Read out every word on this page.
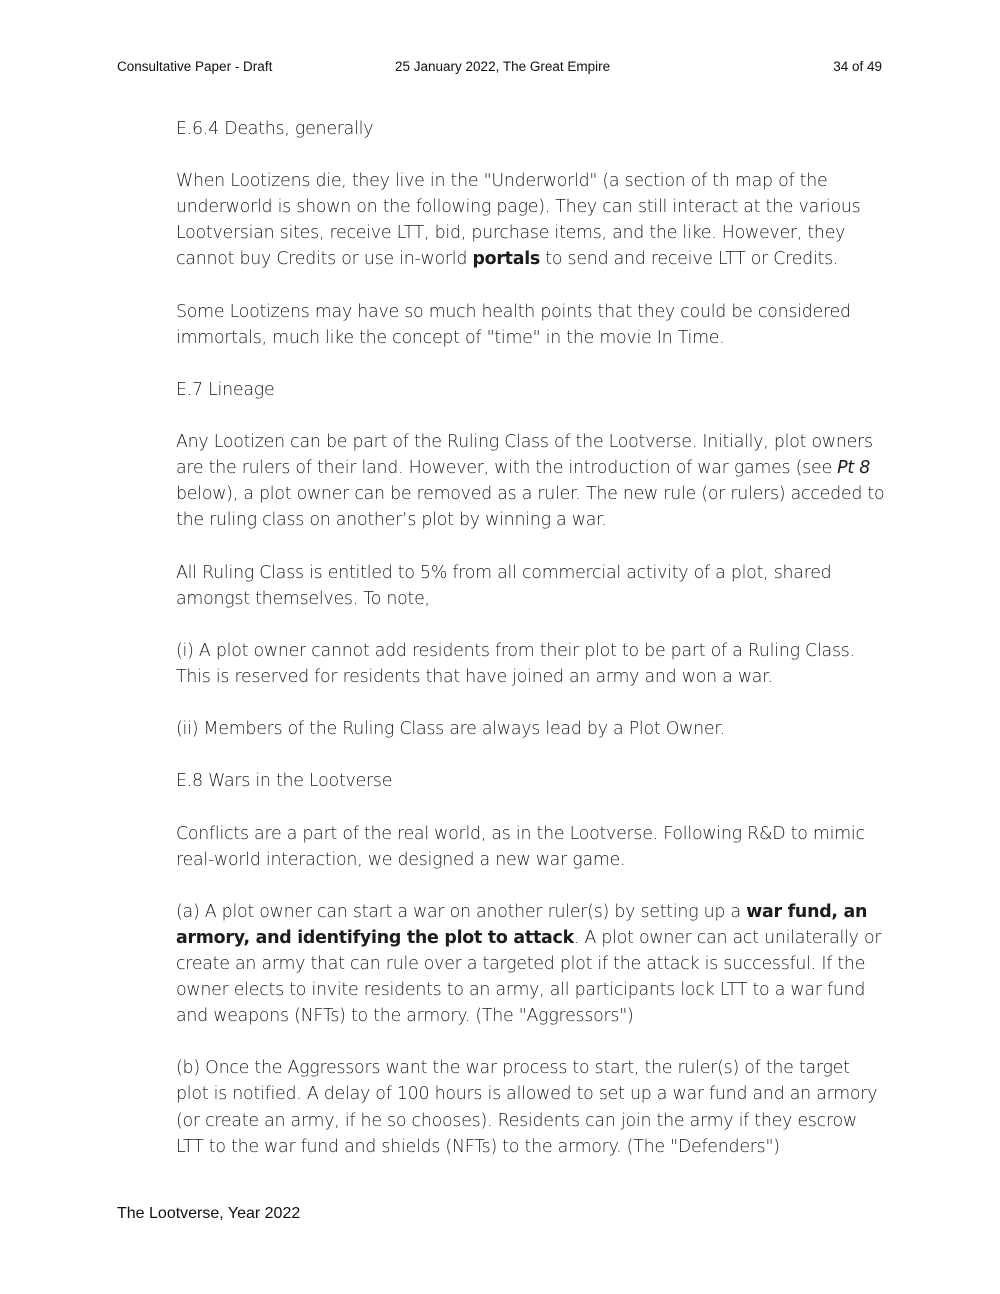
Consultative Paper - Draft	25 January 2022, The Great Empire	34 of 49

E.6.4 Deaths, generally

When Lootizens die, they live in the "Underworld" (a section of th map of the underworld is shown on the following page). They can still interact at the various Lootversian sites, receive LTT, bid, purchase items, and the like. However, they cannot buy Credits or use in-world portals to send and receive LTT or Credits.

Some Lootizens may have so much health points that they could be considered immortals, much like the concept of "time" in the movie In Time.

E.7 Lineage

Any Lootizen can be part of the Ruling Class of the Lootverse. Initially, plot owners are the rulers of their land. However, with the introduction of war games (see Pt 8 below), a plot owner can be removed as a ruler. The new rule (or rulers) acceded to the ruling class on another’s plot by winning a war.

All Ruling Class is entitled to 5% from all commercial activity of a plot, shared amongst themselves. To note,

(i) A plot owner cannot add residents from their plot to be part of a Ruling Class. This is reserved for residents that have joined an army and won a war.

(ii) Members of the Ruling Class are always lead by a Plot Owner.

E.8 Wars in the Lootverse

Conflicts are a part of the real world, as in the Lootverse. Following R&D to mimic real-world interaction, we designed a new war game.

(a) A plot owner can start a war on another ruler(s) by setting up a war fund, an armory, and identifying the plot to attack. A plot owner can act unilaterally or create an army that can rule over a targeted plot if the attack is successful. If the owner elects to invite residents to an army, all participants lock LTT to a war fund and weapons (NFTs) to the armory. (The "Aggressors")

(b) Once the Aggressors want the war process to start, the ruler(s) of the target plot is notified. A delay of 100 hours is allowed to set up a war fund and an armory (or create an army, if he so chooses). Residents can join the army if they escrow LTT to the war fund and shields (NFTs) to the armory. (The "Defenders")

The Lootverse, Year 2022
